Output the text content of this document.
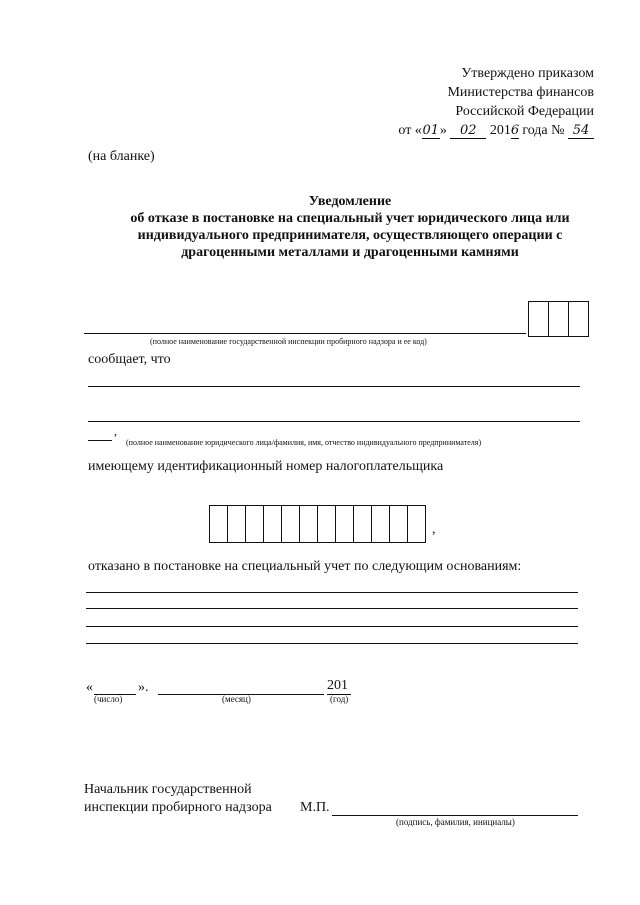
Утверждено приказом
Министерства финансов
Российской Федерации
от «01» 02 2016 года № 54
(на бланке)
Уведомление
об отказе в постановке на специальный учет юридического лица или
индивидуального предпринимателя, осуществляющего операции с
драгоценными металлами и драгоценными камнями
(полное наименование государственной инспекции пробирного надзора и ее код)
сообщает, что
,
(полное наименование юридического лица/фамилия, имя, отчество индивидуального предпринимателя)
имеющему идентификационный номер налогоплательщика
,
отказано в постановке на специальный учет по следующим основаниям:
«	».	201
(число)	(месяц)	(год)
Начальник государственной
инспекции пробирного надзора М.П.
(подпись, фамилия, инициалы)
